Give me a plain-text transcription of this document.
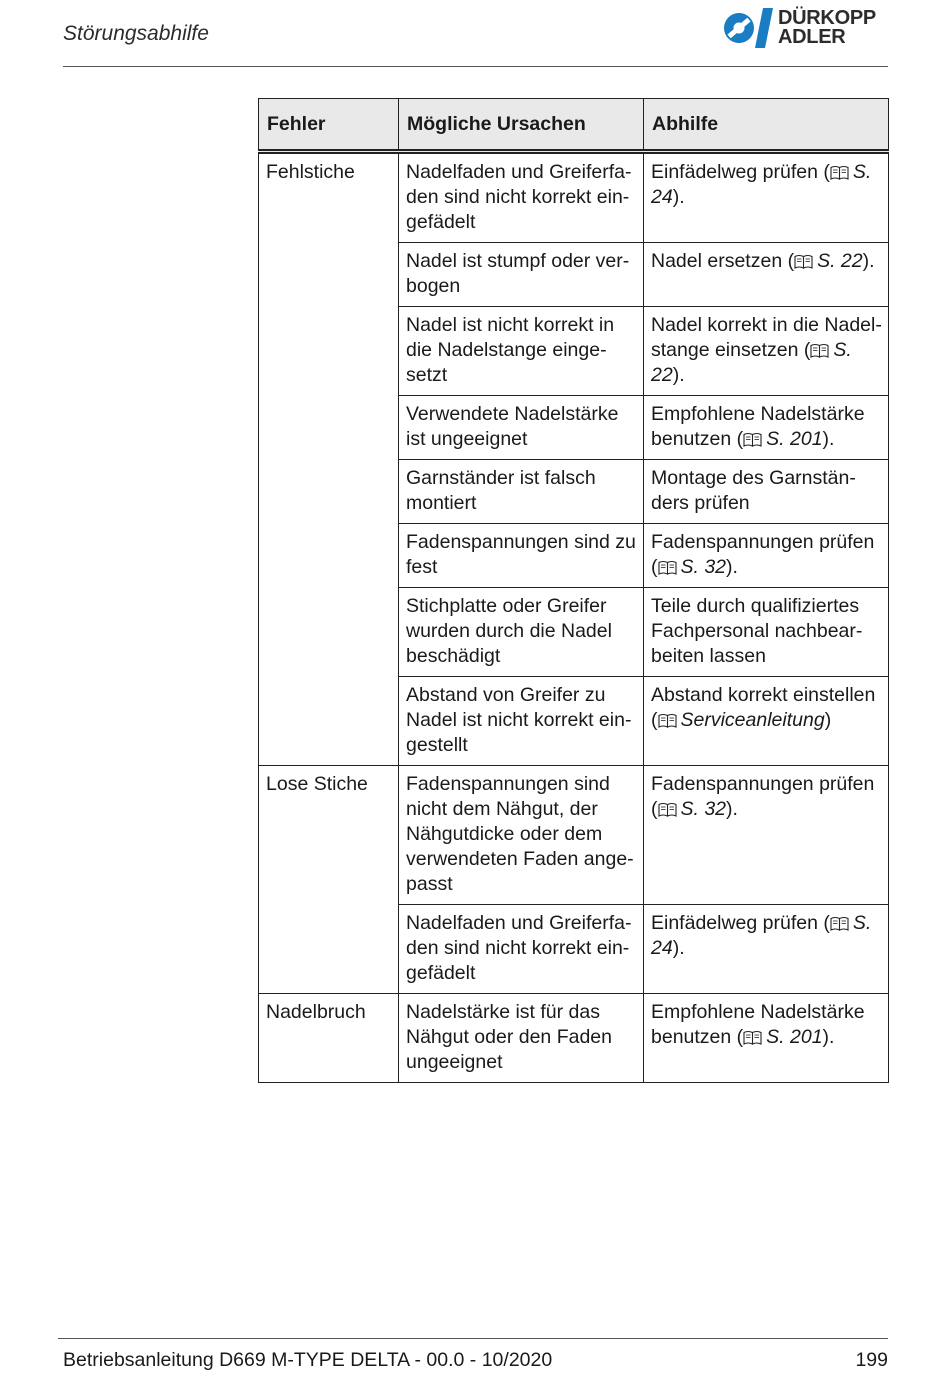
Störungsabhilfe
DÜRKOPP
ADLER
Fehler	Mögliche Ursachen	Abhilfe
Fehlstiche	Nadelfaden und Greiferfaden sind nicht korrekt eingefädelt	Einfädelweg prüfen ( S. 24).
	Nadel ist stumpf oder verbogen	Nadel ersetzen ( S. 22).
	Nadel ist nicht korrekt in die Nadelstange eingesetzt	Nadel korrekt in die Nadelstange einsetzen ( S. 22).
	Verwendete Nadelstärke ist ungeeignet	Empfohlene Nadelstärke benutzen ( S. 201).
	Garnständer ist falsch montiert	Montage des Garnständers prüfen
	Fadenspannungen sind zu fest	Fadenspannungen prüfen ( S. 32).
	Stichplatte oder Greifer wurden durch die Nadel beschädigt	Teile durch qualifiziertes Fachpersonal nachbearbeiten lassen
	Abstand von Greifer zu Nadel ist nicht korrekt eingestellt	Abstand korrekt einstellen ( Serviceanleitung)
Lose Stiche	Fadenspannungen sind nicht dem Nähgut, der Nähgutdicke oder dem verwendeten Faden angepasst	Fadenspannungen prüfen ( S. 32).
	Nadelfaden und Greiferfaden sind nicht korrekt eingefädelt	Einfädelweg prüfen ( S. 24).
Nadelbruch	Nadelstärke ist für das Nähgut oder den Faden ungeeignet	Empfohlene Nadelstärke benutzen ( S. 201).
Betriebsanleitung D669 M-TYPE DELTA - 00.0 - 10/2020	199
